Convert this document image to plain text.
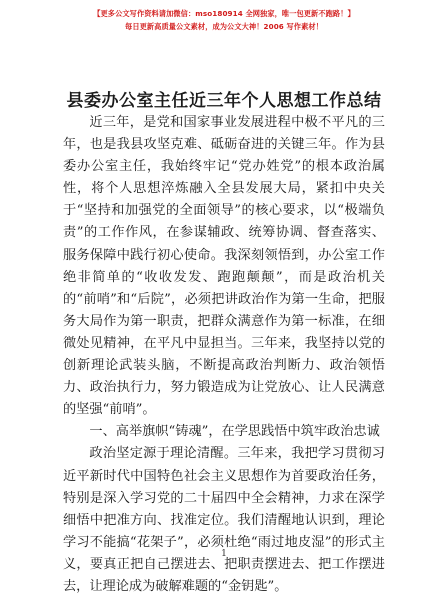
【更多公文写作资料请加微信：mso180914 全网独家，唯一包更新不跑路！】
每日更新高质量公文素材，成为公文大神！2006 写作素材！
县委办公室主任近三年个人思想工作总结

近三年，是党和国家事业发展进程中极不平凡的三年，也是我县攻坚克难、砥砺奋进的关键三年。作为县委办公室主任，我始终牢记“党办姓党”的根本政治属性，将个人思想淬炼融入全县发展大局，紧扣中央关于“坚持和加强党的全面领导”的核心要求，以“极端负责”的工作作风，在参谋辅政、统筹协调、督查落实、服务保障中践行初心使命。我深刻领悟到，办公室工作绝非简单的“收收发发、跑跑颠颠”，而是政治机关的“前哨”和“后院”，必须把讲政治作为第一生命，把服务大局作为第一职责，把群众满意作为第一标准，在细微处见精神，在平凡中显担当。三年来，我坚持以党的创新理论武装头脑，不断提高政治判断力、政治领悟力、政治执行力，努力锻造成为让党放心、让人民满意的坚强“前哨”。

一、高举旗帜“铸魂”，在学思践悟中筑牢政治忠诚

政治坚定源于理论清醒。三年来，我把学习贯彻习近平新时代中国特色社会主义思想作为首要政治任务，特别是深入学习党的二十届四中全会精神，力求在深学细悟中把准方向、找准定位。我们清醒地认识到，理论学习不能搞“花架子”，必须杜绝“雨过地皮湿”的形式主义，要真正把自己摆进去、把职责摆进去、把工作摆进去，让理论成为破解难题的“金钥匙”。

1
